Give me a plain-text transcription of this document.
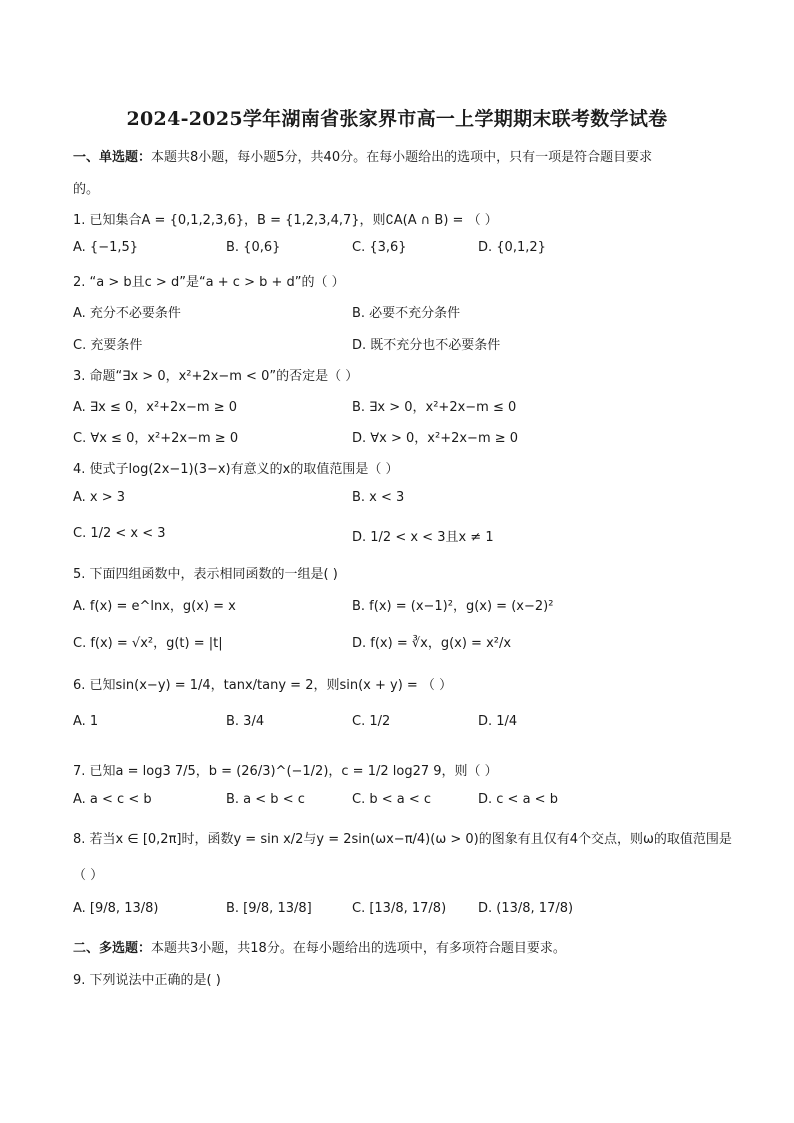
2024-2025学年湖南省张家界市高一上学期期末联考数学试卷
一、单选题：本题共8小题，每小题5分，共40分。在每小题给出的选项中，只有一项是符合题目要求
的。
1. 已知集合A = {0,1,2,3,6}，B = {1,2,3,4,7}，则∁A(A ∩ B) = （ ）
A. {−1,5}	B. {0,6}	C. {3,6}	D. {0,1,2}
2. “a > b且c > d”是“a + c > b + d”的（ ）
A. 充分不必要条件	B. 必要不充分条件
C. 充要条件	D. 既不充分也不必要条件
3. 命题“∃x > 0，x²+2x−m < 0”的否定是（ ）
A. ∃x ≤ 0，x²+2x−m ≥ 0	B. ∃x > 0，x²+2x−m ≤ 0
C. ∀x ≤ 0，x²+2x−m ≥ 0	D. ∀x > 0，x²+2x−m ≥ 0
4. 使式子log(2x−1)(3−x)有意义的x的取值范围是（ ）
A. x > 3	B. x < 3
C. 1/2 < x < 3	D. 1/2 < x < 3且x ≠ 1
5. 下面四组函数中，表示相同函数的一组是( )
A. f(x) = e^lnx，g(x) = x	B. f(x) = (x−1)²，g(x) = (x−2)²
C. f(x) = √x²，g(t) = |t|	D. f(x) = ∛x，g(x) = x²/x
6. 已知sin(x−y) = 1/4，tanx/tany = 2，则sin(x + y) = （ ）
A. 1	B. 3/4	C. 1/2	D. 1/4
7. 已知a = log3 7/5，b = (26/3)^(−1/2)，c = 1/2 log27 9，则（ ）
A. a < c < b	B. a < b < c	C. b < a < c	D. c < a < b
8. 若当x ∈ [0,2π]时，函数y = sin x/2与y = 2sin(ωx−π/4)(ω > 0)的图象有且仅有4个交点，则ω的取值范围是
（ ）
A. [9/8, 13/8)	B. [9/8, 13/8]	C. [13/8, 17/8) D. (13/8, 17/8)
二、多选题：本题共3小题，共18分。在每小题给出的选项中，有多项符合题目要求。
9. 下列说法中正确的是( )
